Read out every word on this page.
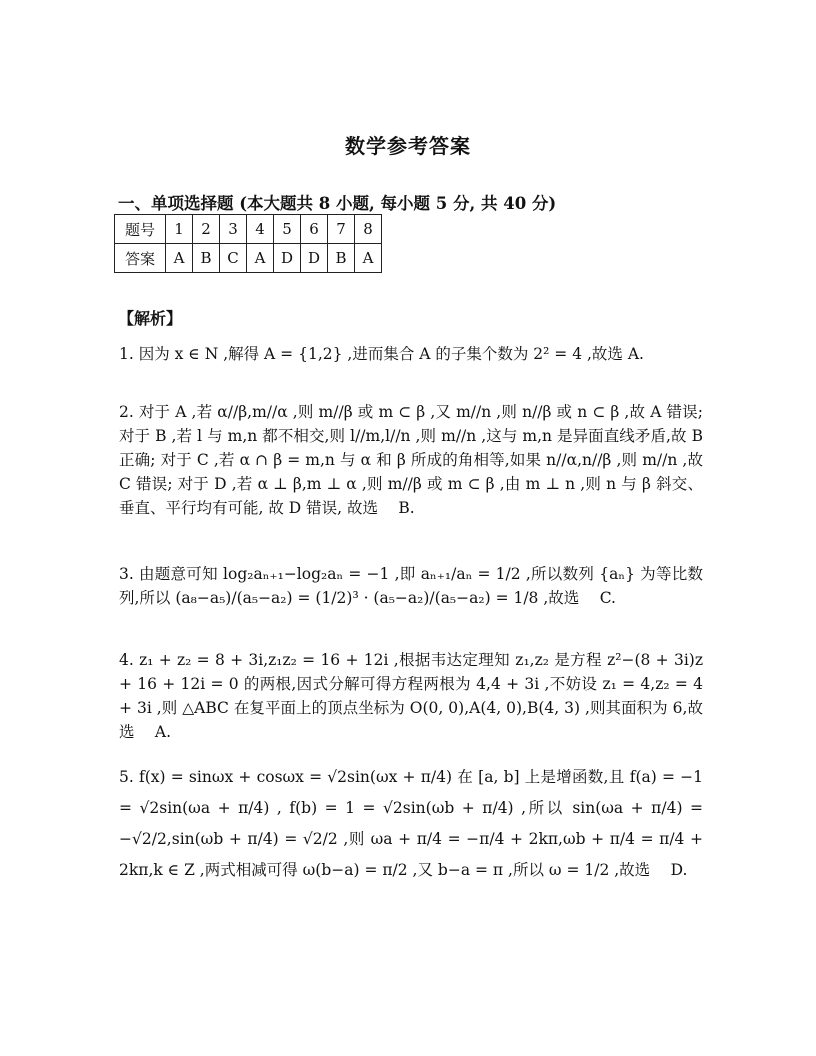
数学参考答案
一、单项选择题 (本大题共 8 小题, 每小题 5 分, 共 40 分)
题号	1	2	3	4	5	6	7	8
答案	A	B	C	A	D	D	B	A
【解析】

1. 因为 x ∈ N ,解得 A = {1,2} ,进而集合 A 的子集个数为 2² = 4 ,故选 A.

2. 对于 A ,若 α//β,m//α ,则 m//β 或 m ⊂ β ,又 m//n ,则 n//β 或 n ⊂ β ,故 A 错误; 对于 B ,若 l 与 m,n 都不相交,则 l//m,l//n ,则 m//n ,这与 m,n 是异面直线矛盾,故 B 正确; 对于 C ,若 α ∩ β = m,n 与 α 和 β 所成的角相等,如果 n//α,n//β ,则 m//n ,故 C 错误; 对于 D ,若 α ⊥ β,m ⊥ α ,则 m//β 或 m ⊂ β ,由 m ⊥ n ,则 n 与 β 斜交、垂直、平行均有可能, 故 D 错误, 故选　 B.

3. 由题意可知 log₂aₙ₊₁−log₂aₙ = −1 ,即 aₙ₊₁/aₙ = 1/2 ,所以数列 {aₙ} 为等比数列,所以 (a₈−a₅)/(a₅−a₂) = (1/2)³ · (a₅−a₂)/(a₅−a₂) = 1/8 ,故选　 C.

4. z₁ + z₂ = 8 + 3i,z₁z₂ = 16 + 12i ,根据韦达定理知 z₁,z₂ 是方程 z²−(8 + 3i)z + 16 + 12i = 0 的两根,因式分解可得方程两根为 4,4 + 3i ,不妨设 z₁ = 4,z₂ = 4 + 3i ,则 △ABC 在复平面上的顶点坐标为 O(0, 0),A(4, 0),B(4, 3) ,则其面积为 6,故选　 A.

5. f(x) = sinωx + cosωx = √2sin(ωx + π/4) 在 [a, b] 上是增函数,且 f(a) = −1 = √2sin(ωa + π/4) , f(b) = 1 = √2sin(ωb + π/4) ,所以 sin(ωa + π/4) = −√2/2,sin(ωb + π/4) = √2/2 ,则 ωa + π/4 = −π/4 + 2kπ,ωb + π/4 = π/4 + 2kπ,k ∈ Z ,两式相减可得 ω(b−a) = π/2 ,又 b−a = π ,所以 ω = 1/2 ,故选　 D.
